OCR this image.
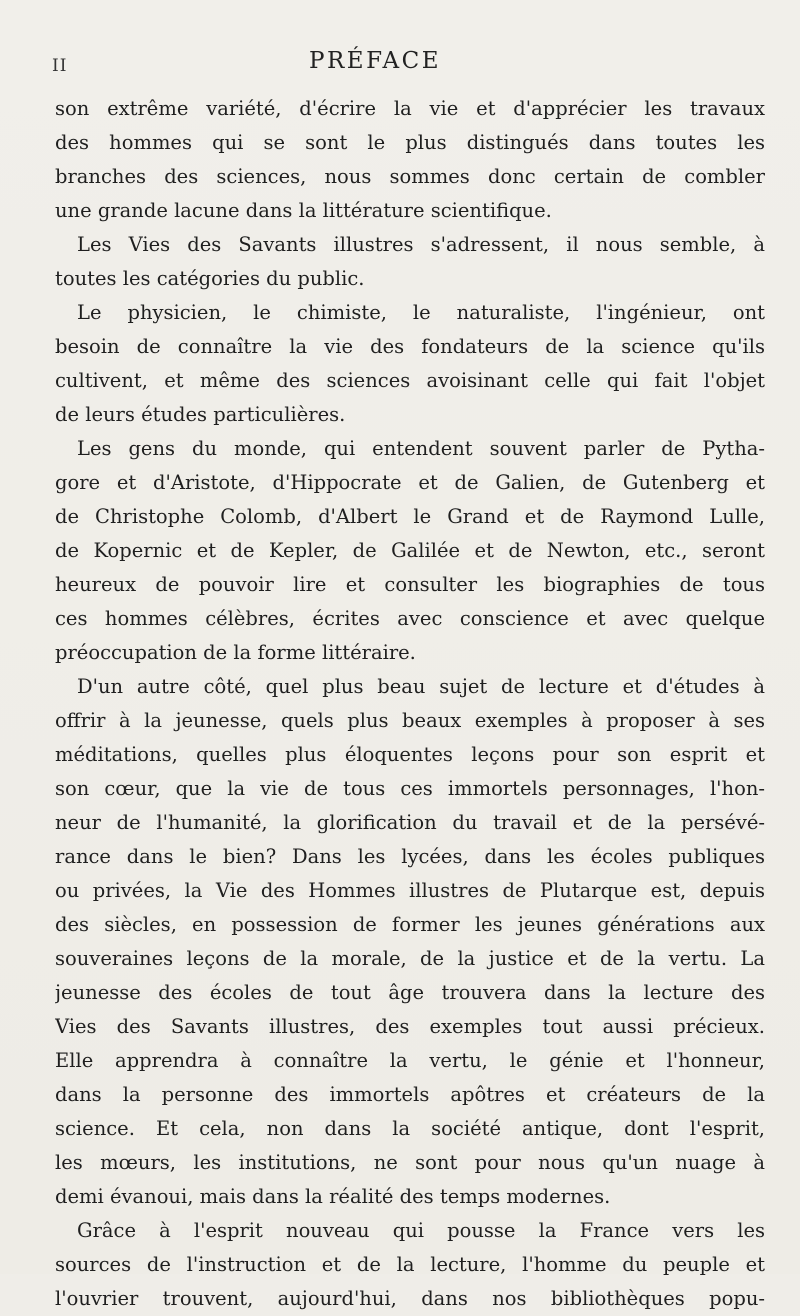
II	PRÉFACE
son extrême variété, d'écrire la vie et d'apprécier les travaux
des hommes qui se sont le plus distingués dans toutes les
branches des sciences, nous sommes donc certain de combler
une grande lacune dans la littérature scientifique.
Les Vies des Savants illustres s'adressent, il nous semble, à
toutes les catégories du public.
Le physicien, le chimiste, le naturaliste, l'ingénieur, ont
besoin de connaître la vie des fondateurs de la science qu'ils
cultivent, et même des sciences avoisinant celle qui fait l'objet
de leurs études particulières.
Les gens du monde, qui entendent souvent parler de Pytha-
gore et d'Aristote, d'Hippocrate et de Galien, de Gutenberg et
de Christophe Colomb, d'Albert le Grand et de Raymond Lulle,
de Kopernic et de Kepler, de Galilée et de Newton, etc., seront
heureux de pouvoir lire et consulter les biographies de tous
ces hommes célèbres, écrites avec conscience et avec quelque
préoccupation de la forme littéraire.
D'un autre côté, quel plus beau sujet de lecture et d'études à
offrir à la jeunesse, quels plus beaux exemples à proposer à ses
méditations, quelles plus éloquentes leçons pour son esprit et
son cœur, que la vie de tous ces immortels personnages, l'hon-
neur de l'humanité, la glorification du travail et de la persévé-
rance dans le bien? Dans les lycées, dans les écoles publiques
ou privées, la Vie des Hommes illustres de Plutarque est, depuis
des siècles, en possession de former les jeunes générations aux
souveraines leçons de la morale, de la justice et de la vertu. La
jeunesse des écoles de tout âge trouvera dans la lecture des
Vies des Savants illustres, des exemples tout aussi précieux.
Elle apprendra à connaître la vertu, le génie et l'honneur,
dans la personne des immortels apôtres et créateurs de la
science. Et cela, non dans la société antique, dont l'esprit,
les mœurs, les institutions, ne sont pour nous qu'un nuage à
demi évanoui, mais dans la réalité des temps modernes.
Grâce à l'esprit nouveau qui pousse la France vers les
sources de l'instruction et de la lecture, l'homme du peuple et
l'ouvrier trouvent, aujourd'hui, dans nos bibliothèques popu-
